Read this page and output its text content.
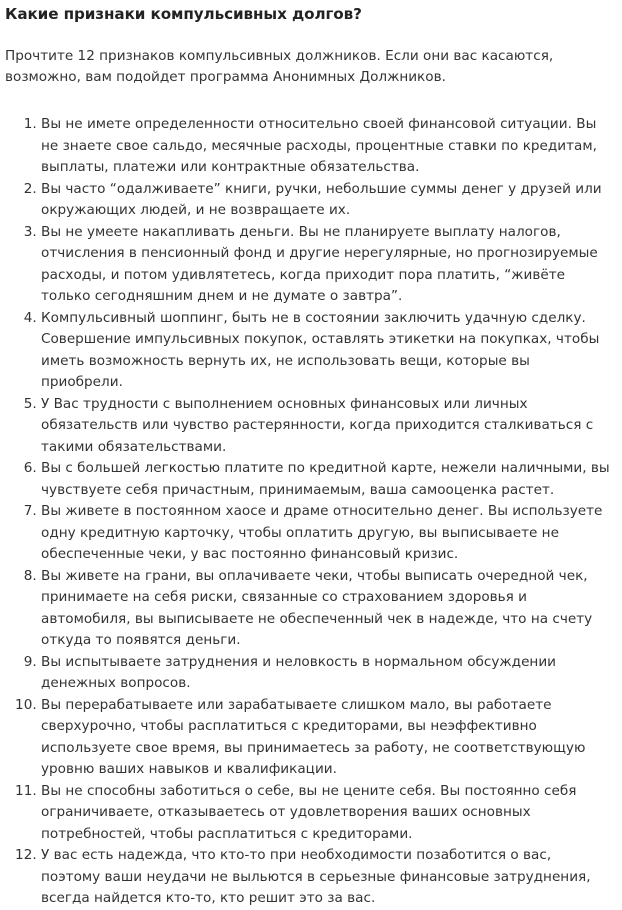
Какие признаки компульсивных долгов?

Прочтите 12 признаков компульсивных должников. Если они вас касаются, возможно, вам подойдет программа Анонимных Должников.

1. Вы не имете определенности относительно своей финансовой ситуации. Вы не знаете свое сальдо, месячные расходы, процентные ставки по кредитам, выплаты, платежи или контрактные обязательства.
2. Вы часто “одалживаете” книги, ручки, небольшие суммы денег у друзей или окружающих людей, и не возвращаете их.
3. Вы не умеете накапливать деньги. Вы не планируете выплату налогов, отчисления в пенсионный фонд и другие нерегулярные, но прогнозируемые расходы, и потом удивлятетесь, когда приходит пора платить, “живёте только сегодняшним днем и не думате о завтра”.
4. Компульсивный шоппинг, быть не в состоянии заключить удачную сделку. Совершение импульсивных покупок, оставлять этикетки на покупках, чтобы иметь возможность вернуть их, не использовать вещи, которые вы приобрели.
5. У Вас трудности с выполнением основных финансовых или личных обязательств или чувство растерянности, когда приходится сталкиваться с такими обязательствами.
6. Вы с большей легкостью платите по кредитной карте, нежели наличными, вы чувствуете себя причастным, принимаемым, ваша самооценка растет.
7. Вы живете в постоянном хаосе и драме относительно денег. Вы используете одну кредитную карточку, чтобы оплатить другую, вы выписываете не обеспеченные чеки, у вас постоянно финансовый кризис.
8. Вы живете на грани, вы оплачиваете чеки, чтобы выписать очередной чек, принимаете на себя риски, связанные со страхованием здоровья и автомобиля, вы выписываете не обеспеченный чек в надежде, что на счету откуда то появятся деньги.
9. Вы испытываете затруднения и неловкость в нормальном обсуждении денежных вопросов.
10. Вы перерабатываете или зарабатываете слишком мало, вы работаете сверхурочно, чтобы расплатиться с кредиторами, вы неэффективно используете свое время, вы принимаетесь за работу, не соответствующую уровню ваших навыков и квалификации.
11. Вы не способны заботиться о себе, вы не цените себя. Вы постоянно себя ограничиваете, отказываетесь от удовлетворения ваших основных потребностей, чтобы расплатиться с кредиторами.
12. У вас есть надежда, что кто-то при необходимости позаботится о вас, поэтому ваши неудачи не выльются в серьезные финансовые затруднения, всегда найдется кто-то, кто решит это за вас.
